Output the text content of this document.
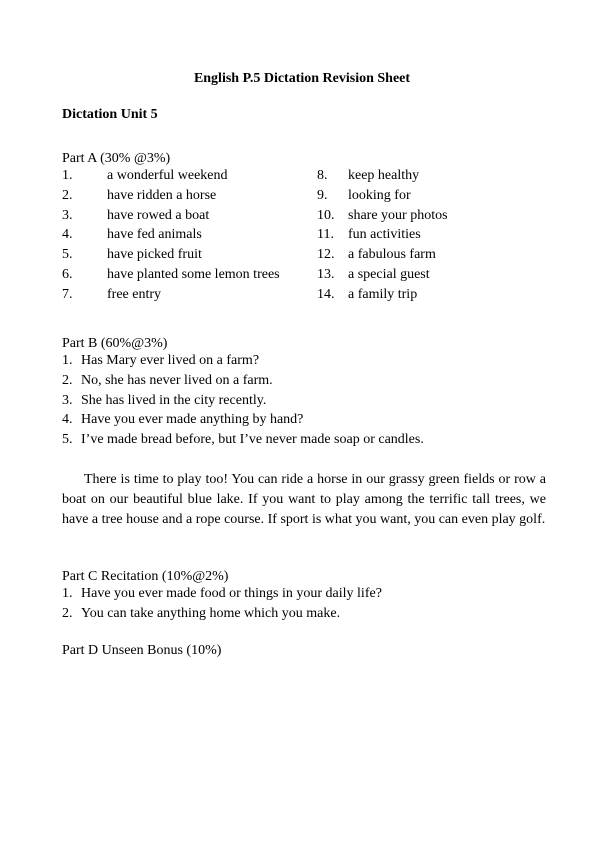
English P.5 Dictation Revision Sheet
Dictation Unit 5
Part A (30% @3%)
1. a wonderful weekend
2. have ridden a horse
3. have rowed a boat
4. have fed animals
5. have picked fruit
6. have planted some lemon trees
7. free entry
8. keep healthy
9. looking for
10. share your photos
11. fun activities
12. a fabulous farm
13. a special guest
14. a family trip
Part B (60%@3%)
1. Has Mary ever lived on a farm?
2. No, she has never lived on a farm.
3. She has lived in the city recently.
4. Have you ever made anything by hand?
5. I’ve made bread before, but I’ve never made soap or candles.

There is time to play too! You can ride a horse in our grassy green fields or row a boat on our beautiful blue lake. If you want to play among the terrific tall trees, we have a tree house and a rope course. If sport is what you want, you can even play golf.

Part C Recitation (10%@2%)
1. Have you ever made food or things in your daily life?
2. You can take anything home which you make.
Part D Unseen Bonus (10%)
